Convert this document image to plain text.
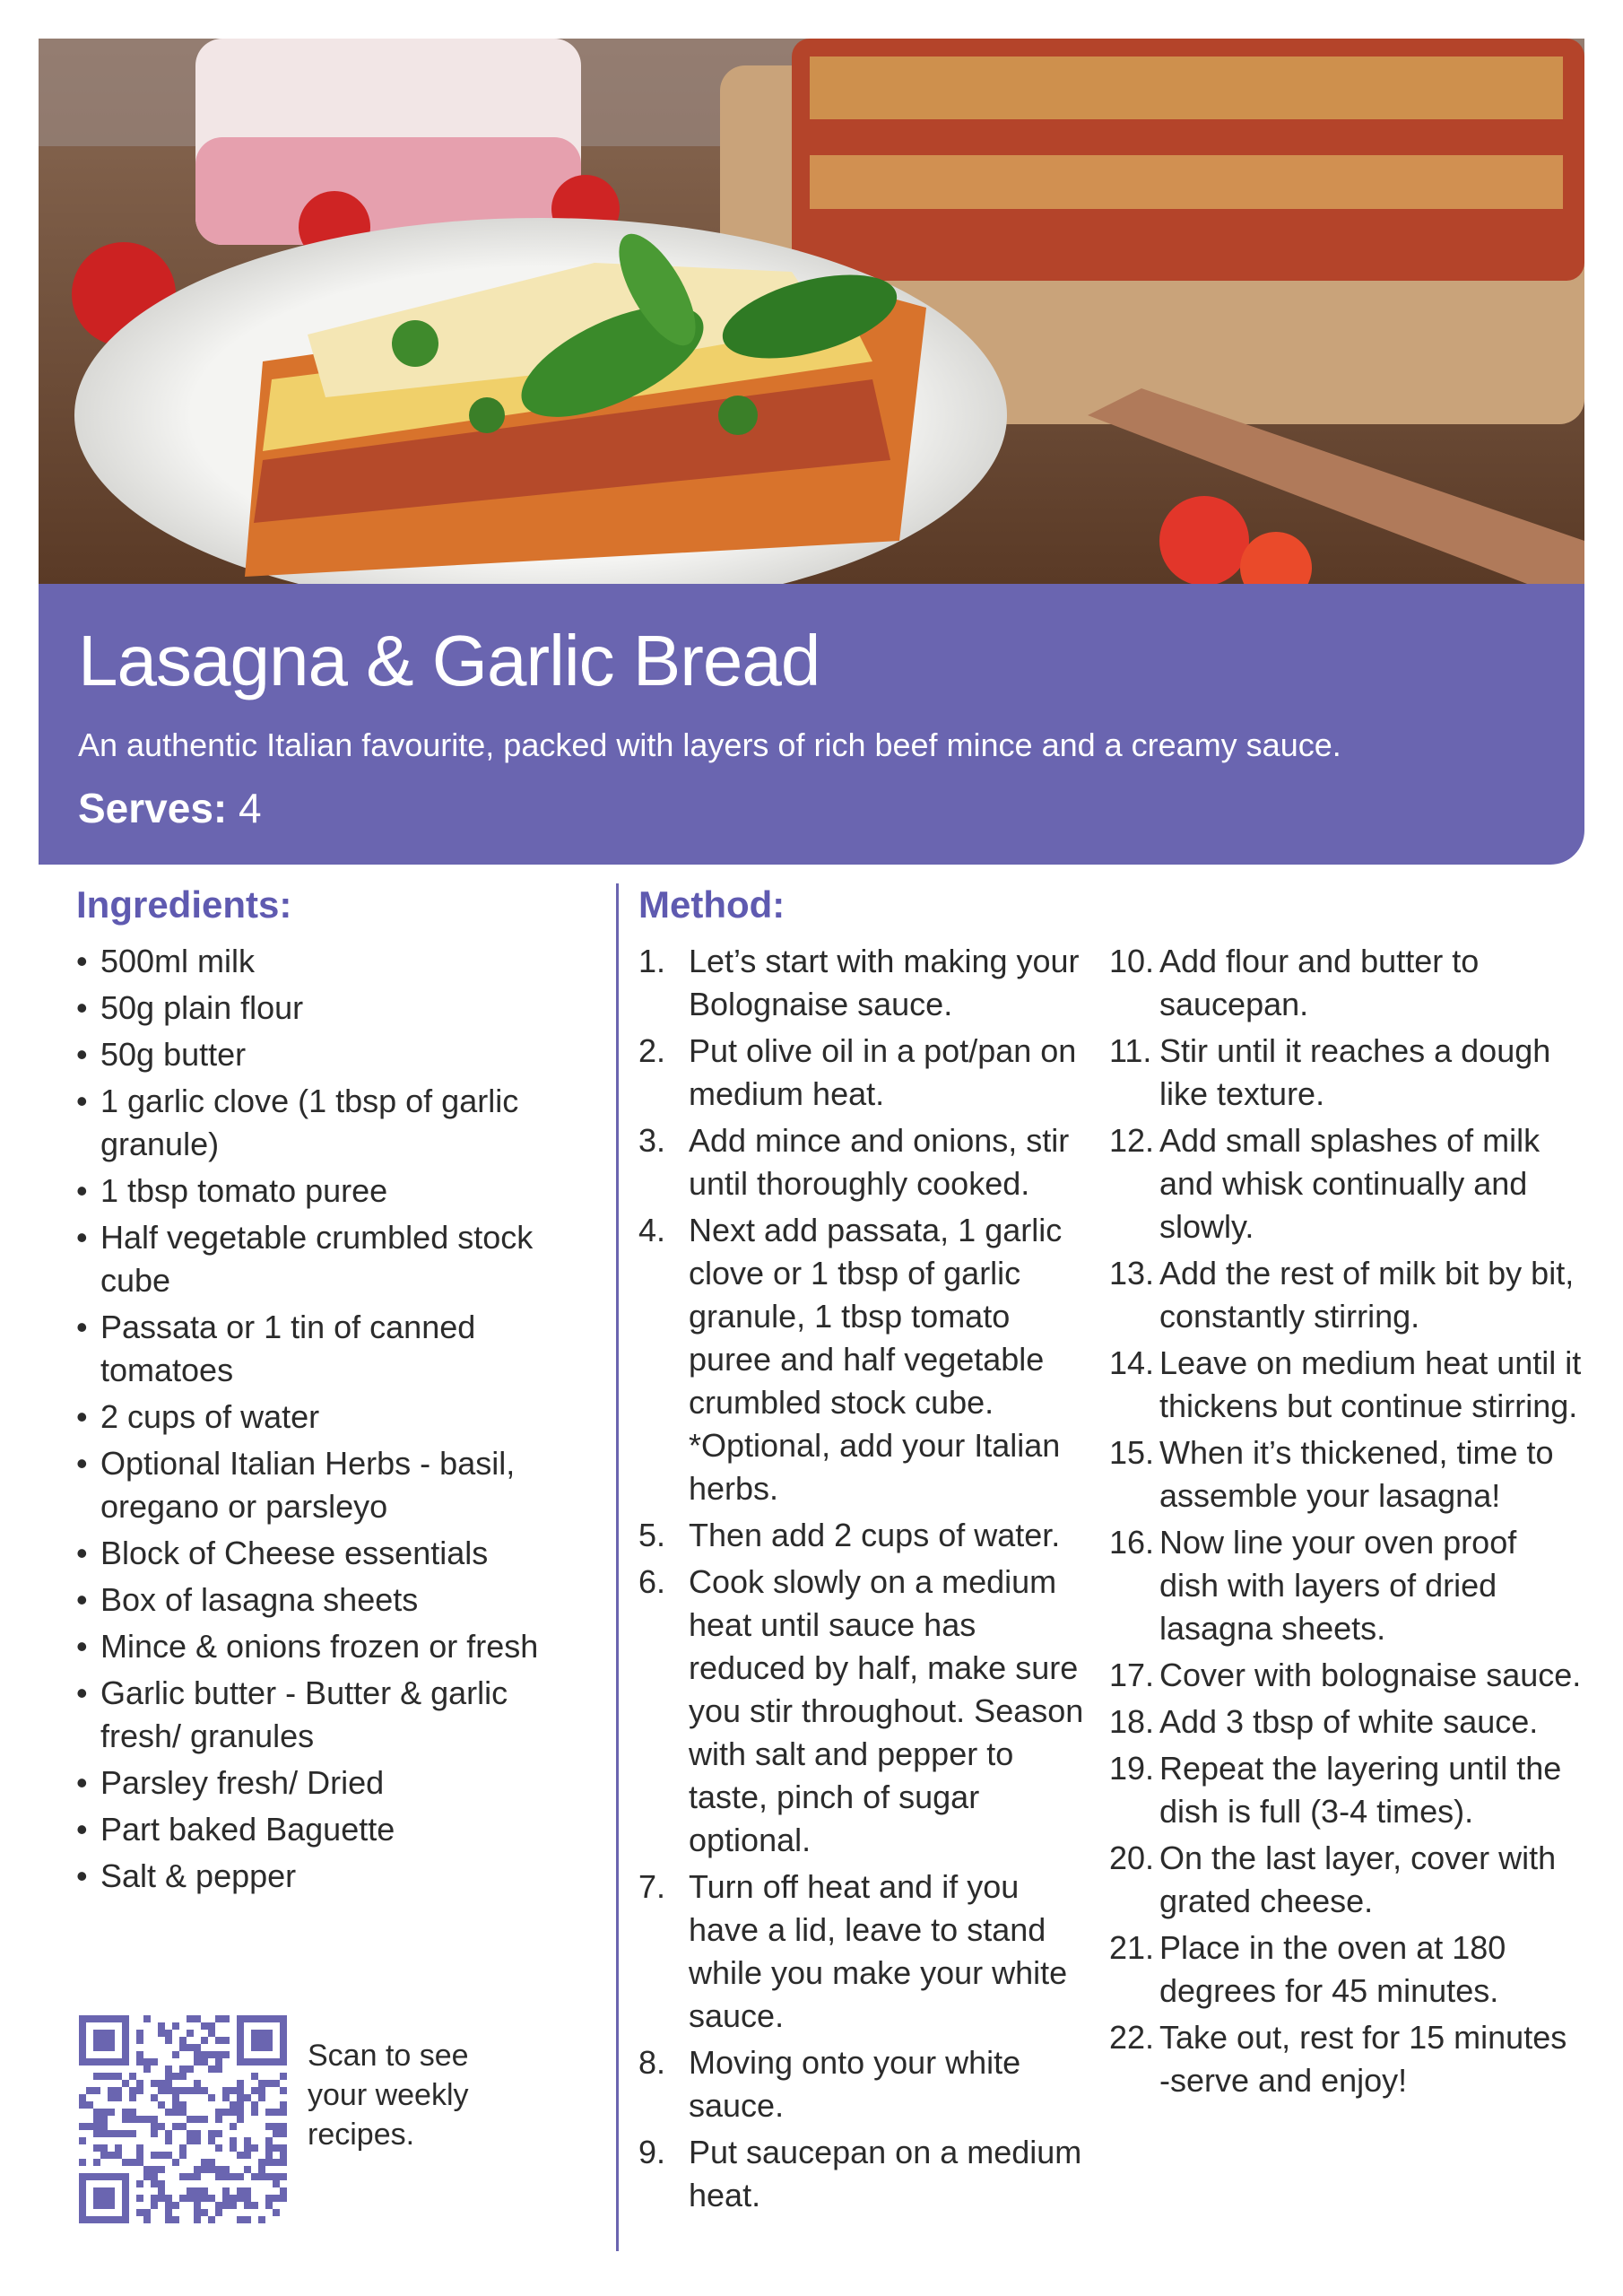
Lasagna & Garlic Bread

An authentic Italian favourite, packed with layers of rich beef mince and a creamy sauce.

Serves: 4

Ingredients:
• 500ml milk
• 50g plain flour
• 50g butter
• 1 garlic clove (1 tbsp of garlic granule)
• 1 tbsp tomato puree
• Half vegetable crumbled stock cube
• Passata or 1 tin of canned tomatoes
• 2 cups of water
• Optional Italian Herbs - basil, oregano or parsleyo
• Block of Cheese essentials
• Box of lasagna sheets
• Mince & onions frozen or fresh
• Garlic butter - Butter & garlic fresh/ granules
• Parsley fresh/ Dried
• Part baked Baguette
• Salt & pepper
Method:
1. Let’s start with making your Bolognaise sauce.
2. Put olive oil in a pot/pan on medium heat.
3. Add mince and onions, stir until thoroughly cooked.
4. Next add passata, 1 garlic clove or 1 tbsp of garlic granule, 1 tbsp tomato puree and half vegetable crumbled stock cube. *Optional, add your Italian herbs.
5. Then add 2 cups of water.
6. Cook slowly on a medium heat until sauce has reduced by half, make sure you stir throughout. Season with salt and pepper to taste, pinch of sugar optional.
7. Turn off heat and if you have a lid, leave to stand while you make your white sauce.
8. Moving onto your white sauce.
9. Put saucepan on a medium heat.
10. Add flour and butter to saucepan.
11. Stir until it reaches a dough like texture.
12. Add small splashes of milk and whisk continually and slowly.
13. Add the rest of milk bit by bit, constantly stirring.
14. Leave on medium heat until it thickens but continue stirring.
15. When it’s thickened, time to assemble your lasagna!
16. Now line your oven proof dish with layers of dried lasagna sheets.
17. Cover with bolognaise sauce.
18. Add 3 tbsp of white sauce.
19. Repeat the layering until the dish is full (3-4 times).
20. On the last layer, cover with grated cheese.
21. Place in the oven at 180 degrees for 45 minutes.
22. Take out, rest for 15 minutes -serve and enjoy!

Scan to see your weekly recipes.
